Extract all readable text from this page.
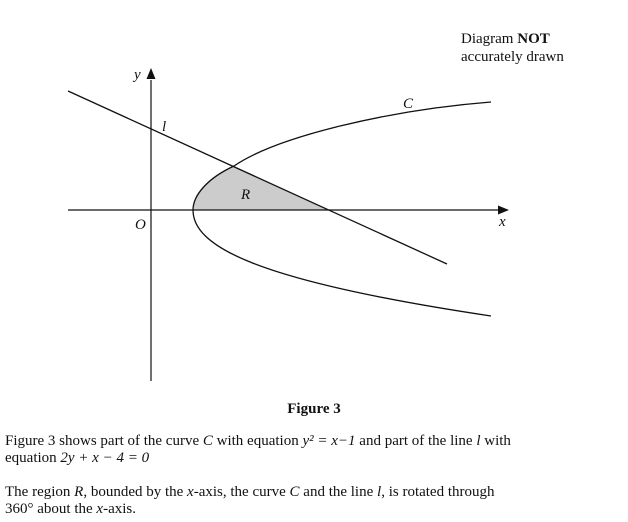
Diagram NOT
accurately drawn
y
l
C
R
O	x
Figure 3
Figure 3 shows part of the curve C with equation y² = x−1 and part of the line l with
equation 2y + x − 4 = 0
The region R, bounded by the x-axis, the curve C and the line l, is rotated through
360° about the x-axis.
